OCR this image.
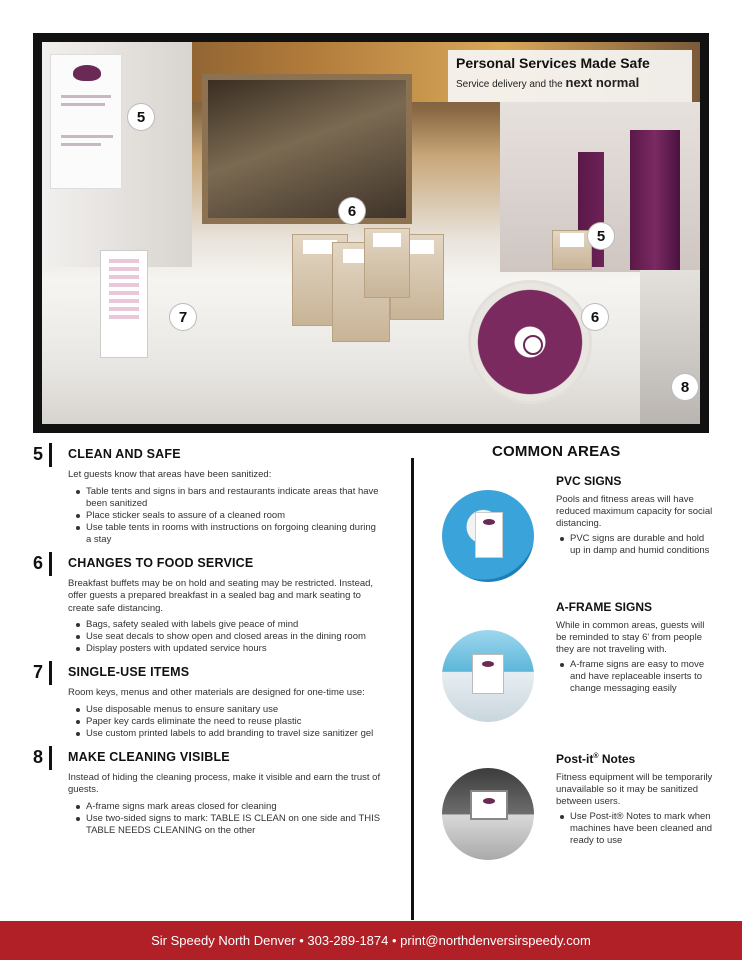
5
6
5
7	6
8
Personal Services Made Safe
Service delivery and the next normal
5	CLEAN AND SAFE
Let guests know that areas have been sanitized:
Table tents and signs in bars and restaurants indicate areas that have been sanitized
Place sticker seals to assure of a cleaned room
Use table tents in rooms with instructions on forgoing cleaning during a stay
6	CHANGES TO FOOD SERVICE
Breakfast buffets may be on hold and seating may be restricted. Instead, offer guests a prepared breakfast in a sealed bag and mark seating to create safe distancing.
Bags, safety sealed with labels give peace of mind
Use seat decals to show open and closed areas in the dining room
Display posters with updated service hours
7	SINGLE-USE ITEMS
Room keys, menus and other materials are designed for one-time use:
Use disposable menus to ensure sanitary use
Paper key cards eliminate the need to reuse plastic
Use custom printed labels to add branding to travel size sanitizer gel
8	MAKE CLEANING VISIBLE
Instead of hiding the cleaning process, make it visible and earn the trust of guests.
A-frame signs mark areas closed for cleaning
Use two-sided signs to mark: TABLE IS CLEAN on one side and THIS TABLE NEEDS CLEANING on the other
COMMON AREAS
PVC SIGNS
Pools and fitness areas will have reduced maximum capacity for social distancing.
PVC signs are durable and hold up in damp and humid conditions
A-FRAME SIGNS
While in common areas, guests will be reminded to stay 6' from people they are not traveling with.
A-frame signs are easy to move and have replaceable inserts to change messaging easily
Post-it® Notes
Fitness equipment will be temporarily unavailable so it may be sanitized between users.
Use Post-it® Notes to mark when machines have been cleaned and ready to use
Sir Speedy North Denver • 303-289-1874 • print@northdenversirspeedy.com
